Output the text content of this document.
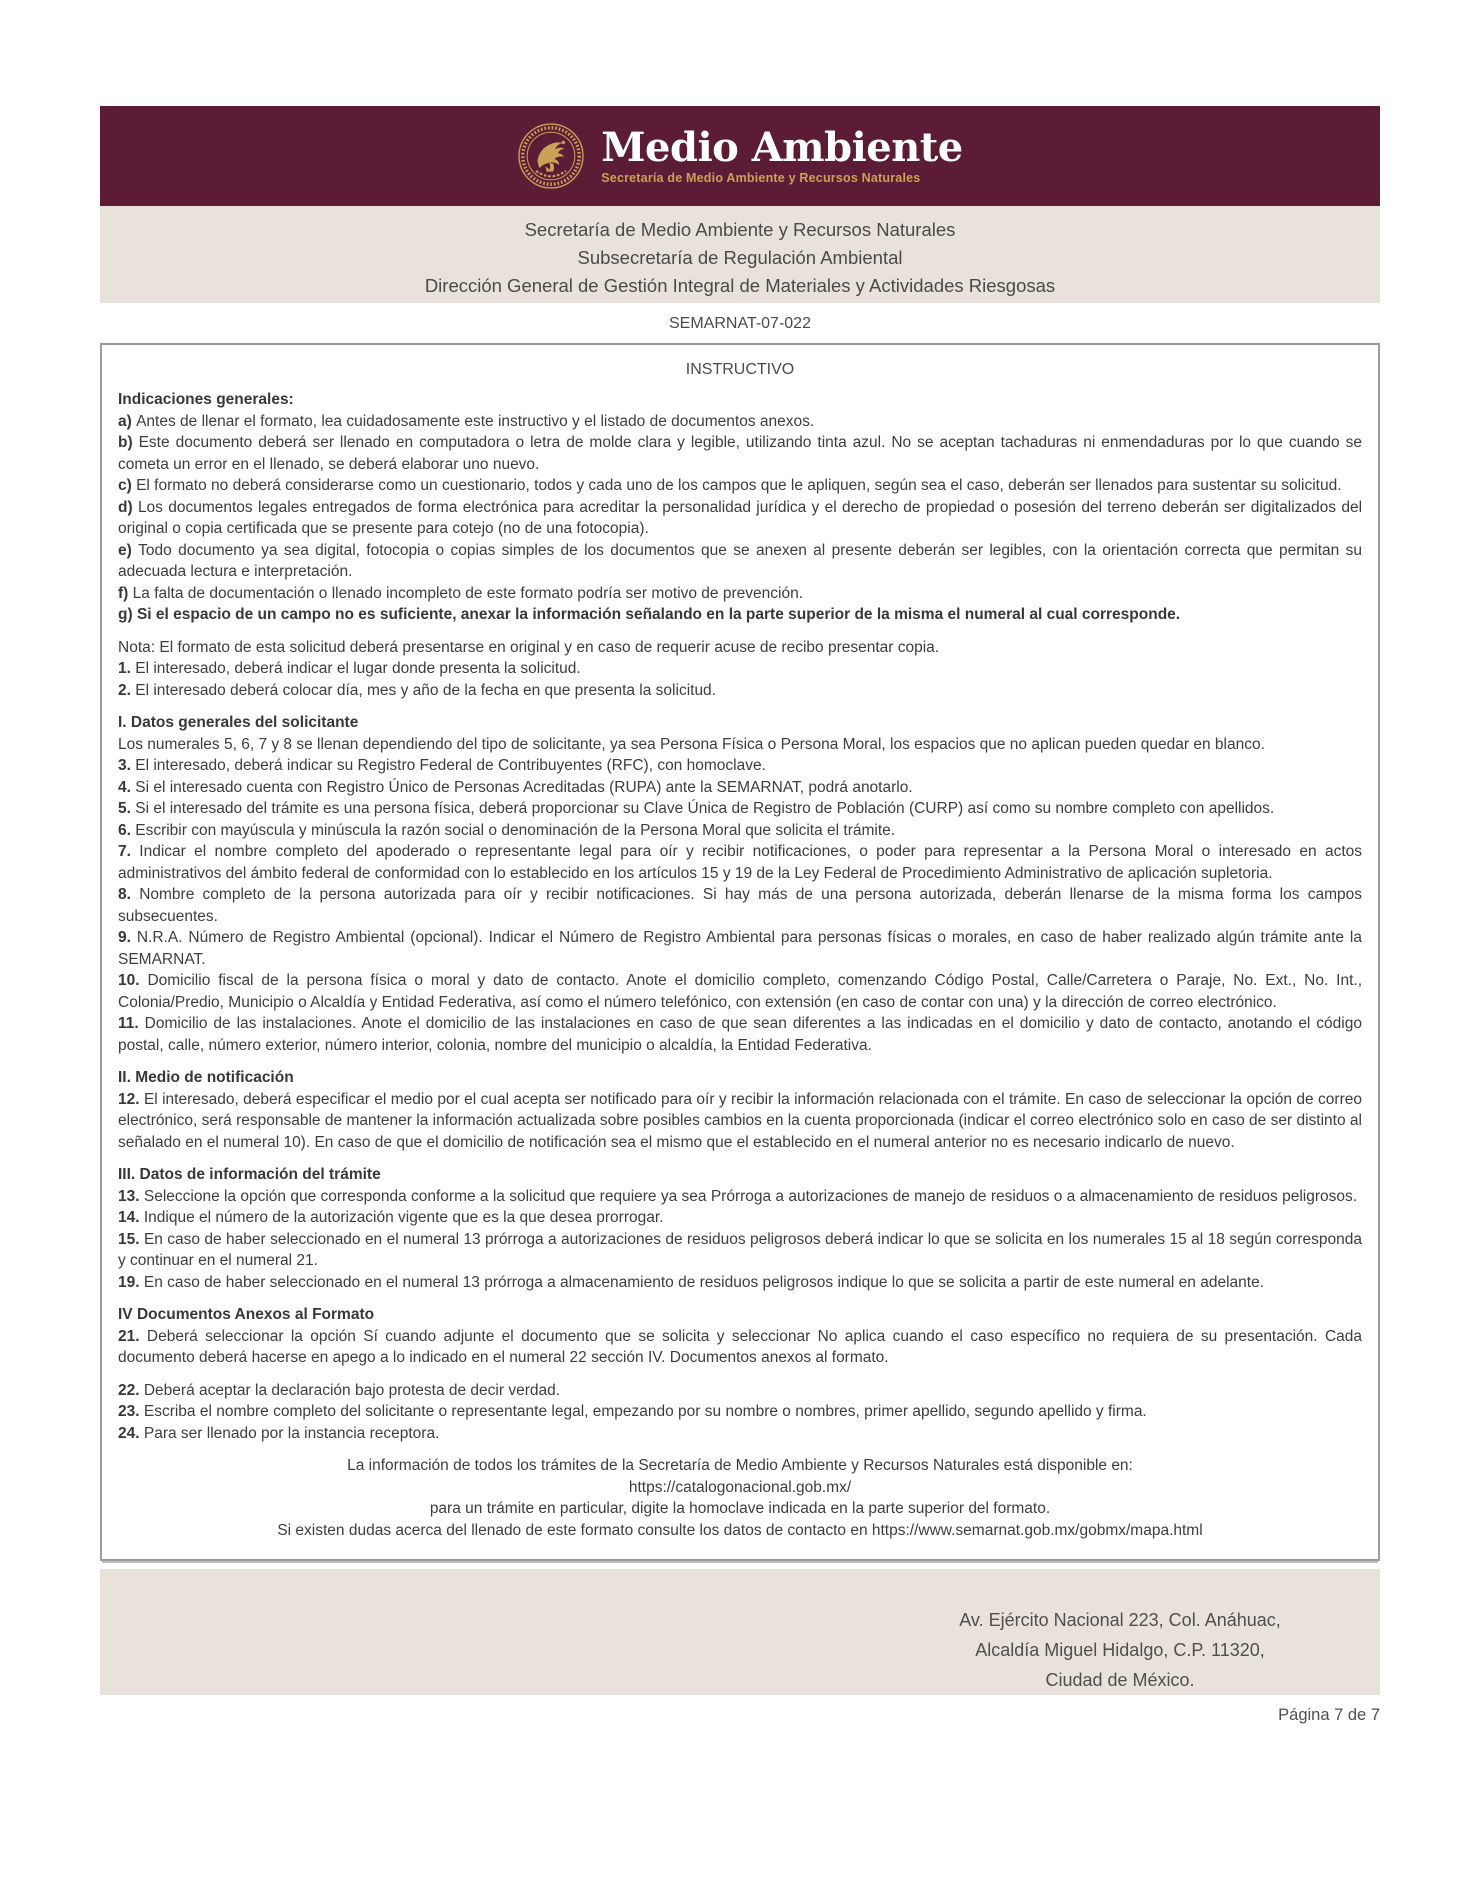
Medio Ambiente
Secretaría de Medio Ambiente y Recursos Naturales
Secretaría de Medio Ambiente y Recursos Naturales
Subsecretaría de Regulación Ambiental
Dirección General de Gestión Integral de Materiales y Actividades Riesgosas
SEMARNAT-07-022
INSTRUCTIVO

Indicaciones generales:

a) Antes de llenar el formato, lea cuidadosamente este instructivo y el listado de documentos anexos.

b) Este documento deberá ser llenado en computadora o letra de molde clara y legible, utilizando tinta azul. No se aceptan tachaduras ni enmendaduras por lo que cuando se cometa un error en el llenado, se deberá elaborar uno nuevo.

c) El formato no deberá considerarse como un cuestionario, todos y cada uno de los campos que le apliquen, según sea el caso, deberán ser llenados para sustentar su solicitud.

d) Los documentos legales entregados de forma electrónica para acreditar la personalidad jurídica y el derecho de propiedad o posesión del terreno deberán ser digitalizados del original o copia certificada que se presente para cotejo (no de una fotocopia).

e) Todo documento ya sea digital, fotocopia o copias simples de los documentos que se anexen al presente deberán ser legibles, con la orientación correcta que permitan su adecuada lectura e interpretación.

f) La falta de documentación o llenado incompleto de este formato podría ser motivo de prevención.

g) Si el espacio de un campo no es suficiente, anexar la información señalando en la parte superior de la misma el numeral al cual corresponde.

Nota: El formato de esta solicitud deberá presentarse en original y en caso de requerir acuse de recibo presentar copia.

1. El interesado, deberá indicar el lugar donde presenta la solicitud.

2. El interesado deberá colocar día, mes y año de la fecha en que presenta la solicitud.

I. Datos generales del solicitante

Los numerales 5, 6, 7 y 8 se llenan dependiendo del tipo de solicitante, ya sea Persona Física o Persona Moral, los espacios que no aplican pueden quedar en blanco.

3. El interesado, deberá indicar su Registro Federal de Contribuyentes (RFC), con homoclave.

4. Si el interesado cuenta con Registro Único de Personas Acreditadas (RUPA) ante la SEMARNAT, podrá anotarlo.

5. Si el interesado del trámite es una persona física, deberá proporcionar su Clave Única de Registro de Población (CURP) así como su nombre completo con apellidos.

6. Escribir con mayúscula y minúscula la razón social o denominación de la Persona Moral que solicita el trámite.

7. Indicar el nombre completo del apoderado o representante legal para oír y recibir notificaciones, o poder para representar a la Persona Moral o interesado en actos administrativos del ámbito federal de conformidad con lo establecido en los artículos 15 y 19 de la Ley Federal de Procedimiento Administrativo de aplicación supletoria.

8. Nombre completo de la persona autorizada para oír y recibir notificaciones. Si hay más de una persona autorizada, deberán llenarse de la misma forma los campos subsecuentes.

9. N.R.A. Número de Registro Ambiental (opcional). Indicar el Número de Registro Ambiental para personas físicas o morales, en caso de haber realizado algún trámite ante la SEMARNAT.

10. Domicilio fiscal de la persona física o moral y dato de contacto. Anote el domicilio completo, comenzando Código Postal, Calle/Carretera o Paraje, No. Ext., No. Int., Colonia/Predio, Municipio o Alcaldía y Entidad Federativa, así como el número telefónico, con extensión (en caso de contar con una) y la dirección de correo electrónico.

11. Domicilio de las instalaciones. Anote el domicilio de las instalaciones en caso de que sean diferentes a las indicadas en el domicilio y dato de contacto, anotando el código postal, calle, número exterior, número interior, colonia, nombre del municipio o alcaldía, la Entidad Federativa.

II. Medio de notificación

12. El interesado, deberá especificar el medio por el cual acepta ser notificado para oír y recibir la información relacionada con el trámite. En caso de seleccionar la opción de correo electrónico, será responsable de mantener la información actualizada sobre posibles cambios en la cuenta proporcionada (indicar el correo electrónico solo en caso de ser distinto al señalado en el numeral 10). En caso de que el domicilio de notificación sea el mismo que el establecido en el numeral anterior no es necesario indicarlo de nuevo.

III. Datos de información del trámite

13. Seleccione la opción que corresponda conforme a la solicitud que requiere ya sea Prórroga a autorizaciones de manejo de residuos o a almacenamiento de residuos peligrosos.

14. Indique el número de la autorización vigente que es la que desea prorrogar.

15. En caso de haber seleccionado en el numeral 13 prórroga a autorizaciones de residuos peligrosos deberá indicar lo que se solicita en los numerales 15 al 18 según corresponda y continuar en el numeral 21.

19. En caso de haber seleccionado en el numeral 13 prórroga a almacenamiento de residuos peligrosos indique lo que se solicita a partir de este numeral en adelante.

IV Documentos Anexos al Formato

21. Deberá seleccionar la opción Sí cuando adjunte el documento que se solicita y seleccionar No aplica cuando el caso específico no requiera de su presentación. Cada documento deberá hacerse en apego a lo indicado en el numeral 22 sección IV. Documentos anexos al formato.

22. Deberá aceptar la declaración bajo protesta de decir verdad.

23. Escriba el nombre completo del solicitante o representante legal, empezando por su nombre o nombres, primer apellido, segundo apellido y firma.

24. Para ser llenado por la instancia receptora.

La información de todos los trámites de la Secretaría de Medio Ambiente y Recursos Naturales está disponible en:

https://catalogonacional.gob.mx/

para un trámite en particular, digite la homoclave indicada en la parte superior del formato.

Si existen dudas acerca del llenado de este formato consulte los datos de contacto en https://www.semarnat.gob.mx/gobmx/mapa.html

Av. Ejército Nacional 223, Col. Anáhuac,
Alcaldía Miguel Hidalgo, C.P. 11320,
Ciudad de México.
Página 7 de 7
